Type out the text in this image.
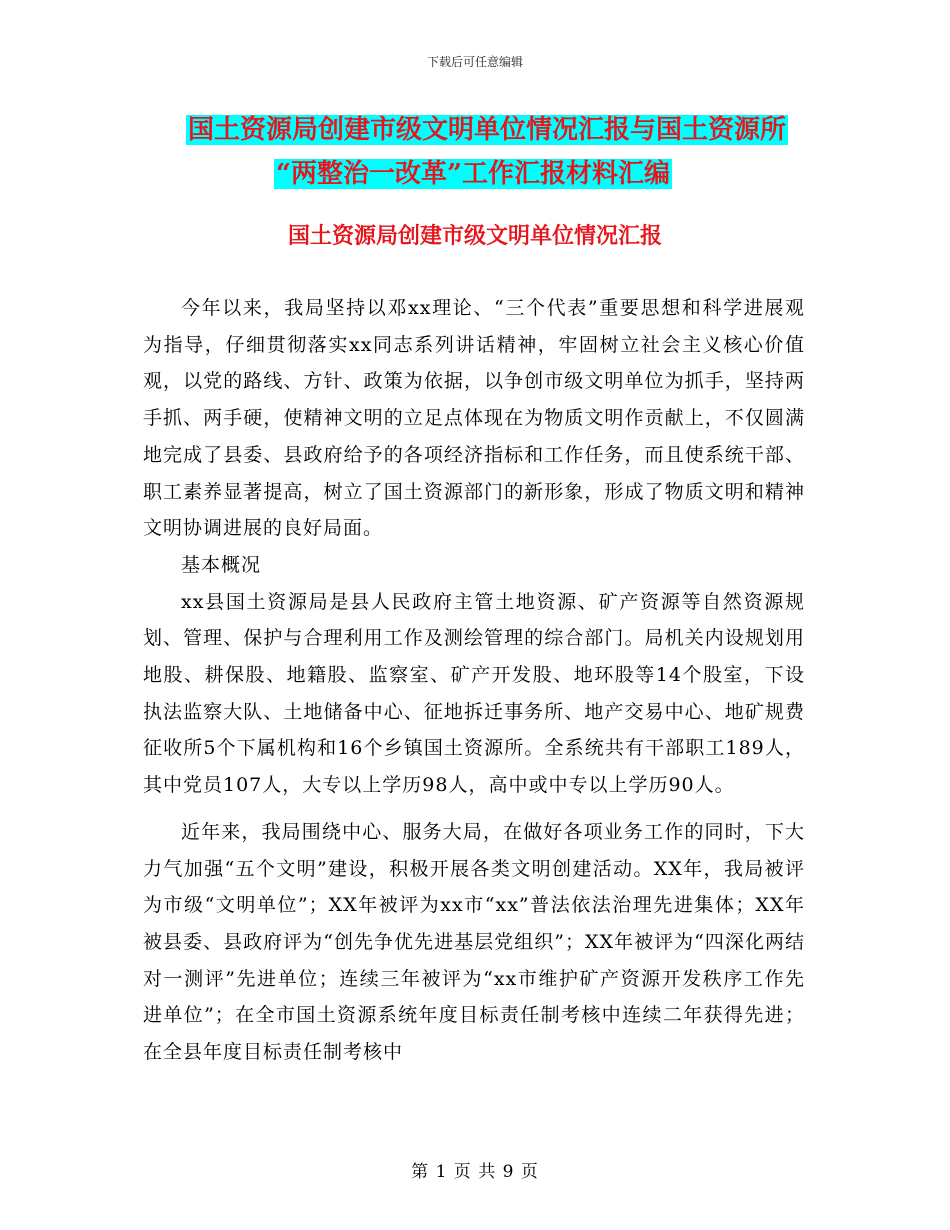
下载后可任意编辑
国土资源局创建市级文明单位情况汇报与国土资源所
“两整治一改革”工作汇报材料汇编
国土资源局创建市级文明单位情况汇报

今年以来，我局坚持以邓xx理论、“三个代表”重要思想和科学进展观为指导，仔细贯彻落实xx同志系列讲话精神，牢固树立社会主义核心价值观，以党的路线、方针、政策为依据，以争创市级文明单位为抓手，坚持两手抓、两手硬，使精神文明的立足点体现在为物质文明作贡献上，不仅圆满地完成了县委、县政府给予的各项经济指标和工作任务，而且使系统干部、职工素养显著提高，树立了国土资源部门的新形象，形成了物质文明和精神文明协调进展的良好局面。

基本概况

xx县国土资源局是县人民政府主管土地资源、矿产资源等自然资源规划、管理、保护与合理利用工作及测绘管理的综合部门。局机关内设规划用地股、耕保股、地籍股、监察室、矿产开发股、地环股等14个股室，下设执法监察大队、土地储备中心、征地拆迁事务所、地产交易中心、地矿规费征收所5个下属机构和16个乡镇国土资源所。全系统共有干部职工189人，其中党员107人，大专以上学历98人，高中或中专以上学历90人。

近年来，我局围绕中心、服务大局，在做好各项业务工作的同时，下大力气加强“五个文明”建设，积极开展各类文明创建活动。XX年，我局被评为市级“文明单位”；XX年被评为xx市“xx”普法依法治理先进集体；XX年被县委、县政府评为“创先争优先进基层党组织”；XX年被评为“四深化两结对一测评”先进单位；连续三年被评为“xx市维护矿产资源开发秩序工作先进单位”；在全市国土资源系统年度目标责任制考核中连续二年获得先进；在全县年度目标责任制考核中

第 1 页 共 9 页
